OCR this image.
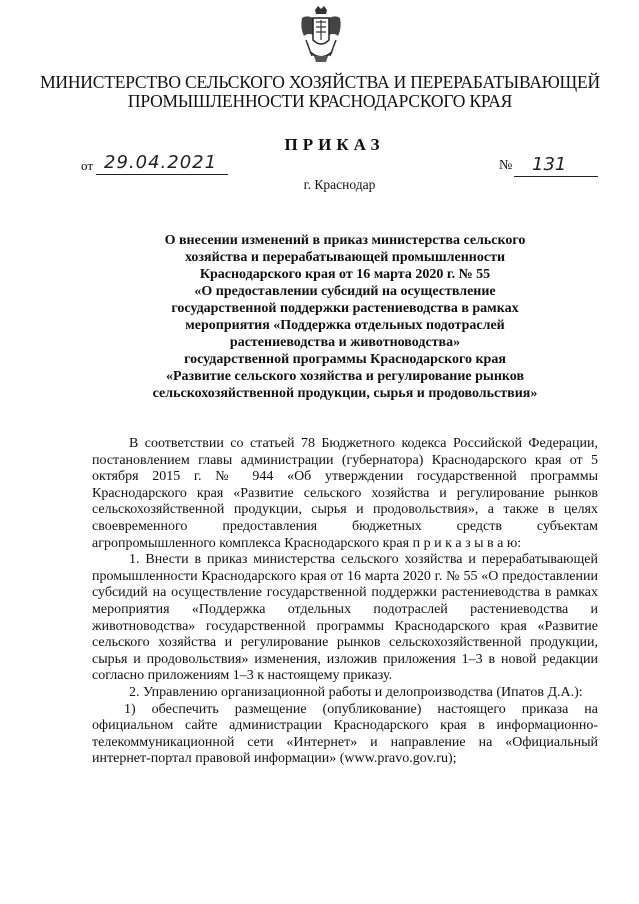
МИНИСТЕРСТВО СЕЛЬСКОГО ХОЗЯЙСТВА И ПЕРЕРАБАТЫВАЮЩЕЙ
ПРОМЫШЛЕННОСТИ КРАСНОДАРСКОГО КРАЯ
ПРИКАЗ
от 29.04.2021	№ 131
г. Краснодар
О внесении изменений в приказ министерства сельского
хозяйства и перерабатывающей промышленности
Краснодарского края от 16 марта 2020 г. № 55
«О предоставлении субсидий на осуществление
государственной поддержки растениеводства в рамках
мероприятия «Поддержка отдельных подотраслей
растениеводства и животноводства»
государственной программы Краснодарского края
«Развитие сельского хозяйства и регулирование рынков
сельскохозяйственной продукции, сырья и продовольствия»

В соответствии со статьей 78 Бюджетного кодекса Российской Федерации, постановлением главы администрации (губернатора) Краснодарского края от 5 октября 2015 г. № 944 «Об утверждении государственной программы Краснодарского края «Развитие сельского хозяйства и регулирование рынков сельскохозяйственной продукции, сырья и продовольствия», а также в целях своевременного предоставления бюджетных средств субъектам агропромышленного комплекса Краснодарского края п р и к а з ы в а ю:

1. Внести в приказ министерства сельского хозяйства и перерабатывающей промышленности Краснодарского края от 16 марта 2020 г. № 55 «О предоставлении субсидий на осуществление государственной поддержки растениеводства в рамках мероприятия «Поддержка отдельных подотраслей растениеводства и животноводства» государственной программы Краснодарского края «Развитие сельского хозяйства и регулирование рынков сельскохозяйственной продукции, сырья и продовольствия» изменения, изложив приложения 1–3 в новой редакции согласно приложениям 1–3 к настоящему приказу.

2. Управлению организационной работы и делопроизводства (Ипатов Д.А.):

1) обеспечить размещение (опубликование) настоящего приказа на официальном сайте администрации Краснодарского края в информационно-телекоммуникационной сети «Интернет» и направление на «Официальный интернет-портал правовой информации» (www.pravo.gov.ru);
